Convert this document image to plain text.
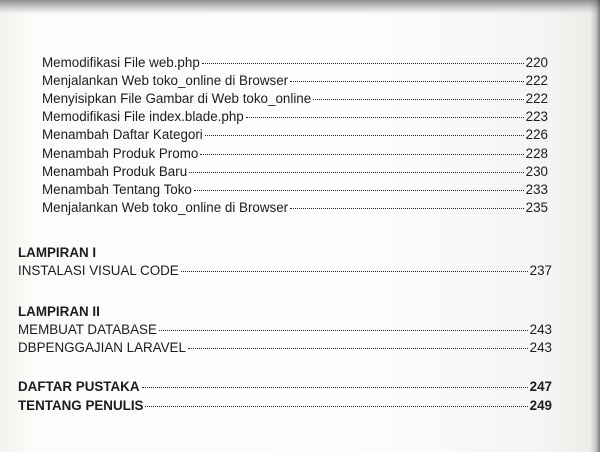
Memodifikasi File web.php	220
Menjalankan Web toko_online di Browser	222
Menyisipkan File Gambar di Web toko_online	222
Memodifikasi File index.blade.php	223
Menambah Daftar Kategori	226
Menambah Produk Promo	228
Menambah Produk Baru	230
Menambah Tentang Toko	233
Menjalankan Web toko_online di Browser	235
LAMPIRAN I
INSTALASI VISUAL CODE	237
LAMPIRAN II
MEMBUAT DATABASE	243
DBPENGGAJIAN LARAVEL	243
DAFTAR PUSTAKA	247
TENTANG PENULIS	249
